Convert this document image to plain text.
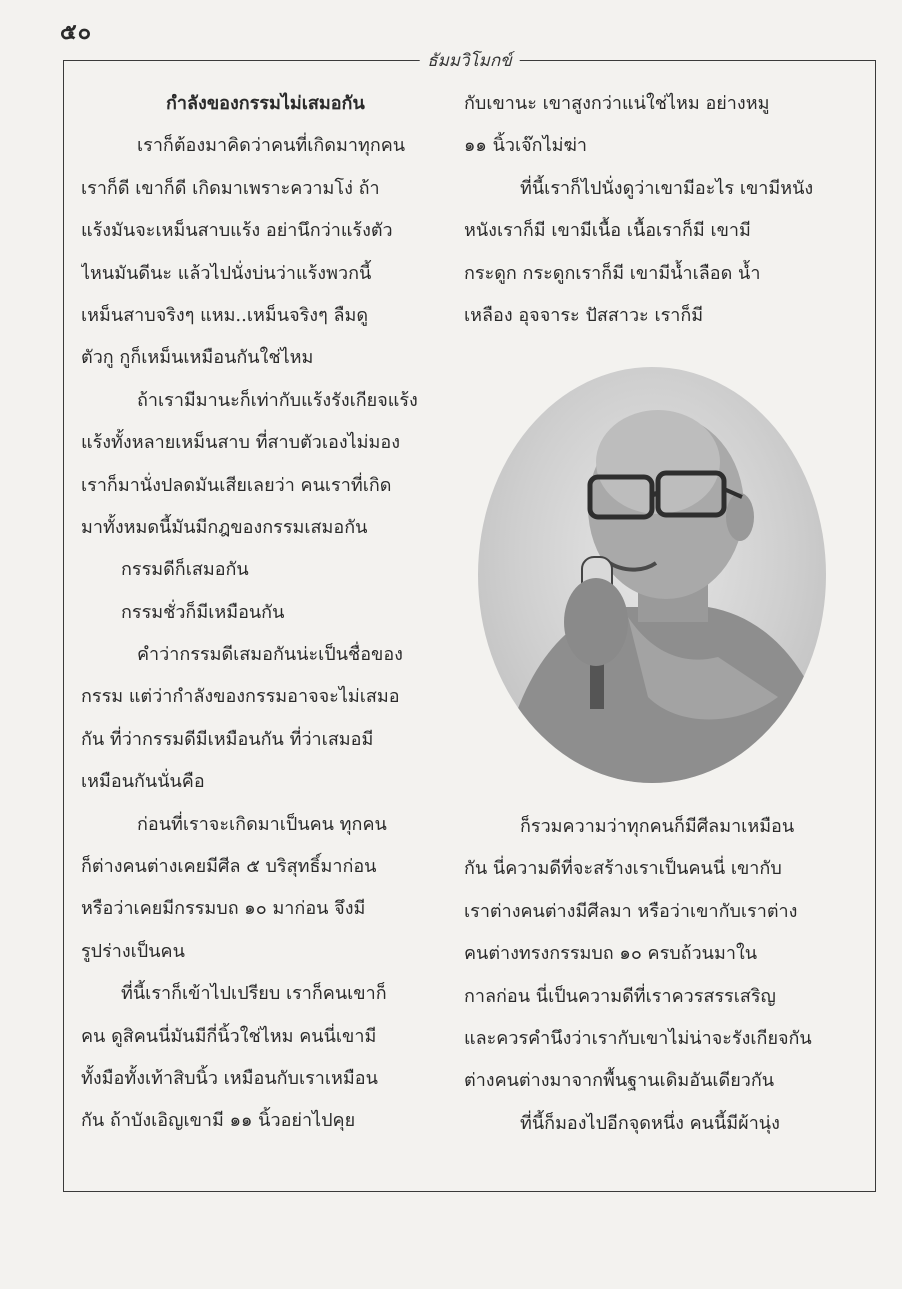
๕๐
ธัมมวิโมกข์
กำลังของกรรมไม่เสมอกัน
เราก็ต้องมาคิดว่าคนที่เกิดมาทุกคน
เราก็ดี เขาก็ดี เกิดมาเพราะความโง่ ถ้า
แร้งมันจะเหม็นสาบแร้ง อย่านึกว่าแร้งตัว
ไหนมันดีนะ แล้วไปนั่งบ่นว่าแร้งพวกนี้
เหม็นสาบจริงๆ แหม..เหม็นจริงๆ ลืมดู
ตัวกู กูก็เหม็นเหมือนกันใช่ไหม
ถ้าเรามีมานะก็เท่ากับแร้งรังเกียจแร้ง
แร้งทั้งหลายเหม็นสาบ ที่สาบตัวเองไม่มอง
เราก็มานั่งปลดมันเสียเลยว่า คนเราที่เกิด
มาทั้งหมดนี้มันมีกฎของกรรมเสมอกัน
กรรมดีก็เสมอกัน
กรรมชั่วก็มีเหมือนกัน
คำว่ากรรมดีเสมอกันน่ะเป็นชื่อของ
กรรม แต่ว่ากำลังของกรรมอาจจะไม่เสมอ
กัน ที่ว่ากรรมดีมีเหมือนกัน ที่ว่าเสมอมี
เหมือนกันนั่นคือ
ก่อนที่เราจะเกิดมาเป็นคน ทุกคน
ก็ต่างคนต่างเคยมีศีล ๕ บริสุทธิ์มาก่อน
หรือว่าเคยมีกรรมบถ ๑๐ มาก่อน จึงมี
รูปร่างเป็นคน
ที่นี้เราก็เข้าไปเปรียบ เราก็คนเขาก็
คน ดูสิคนนี่มันมีกี่นิ้วใช่ไหม คนนี่เขามี
ทั้งมือทั้งเท้าสิบนิ้ว เหมือนกับเราเหมือน
กัน ถ้าบังเอิญเขามี ๑๑ นิ้วอย่าไปคุย
กับเขานะ เขาสูงกว่าแน่ใช่ไหม อย่างหมู
๑๑ นิ้วเจ๊กไม่ฆ่า
ที่นี้เราก็ไปนั่งดูว่าเขามีอะไร เขามีหนัง
หนังเราก็มี เขามีเนื้อ เนื้อเราก็มี เขามี
กระดูก กระดูกเราก็มี เขามีน้ำเลือด น้ำ
เหลือง อุจจาระ ปัสสาวะ เราก็มี
ก็รวมความว่าทุกคนก็มีศีลมาเหมือน
กัน นี่ความดีที่จะสร้างเราเป็นคนนี่ เขากับ
เราต่างคนต่างมีศีลมา หรือว่าเขากับเราต่าง
คนต่างทรงกรรมบถ ๑๐ ครบถ้วนมาใน
กาลก่อน นี่เป็นความดีที่เราควรสรรเสริญ
และควรคำนึงว่าเรากับเขาไม่น่าจะรังเกียจกัน
ต่างคนต่างมาจากพื้นฐานเดิมอันเดียวกัน
ที่นี้ก็มองไปอีกจุดหนึ่ง คนนี้มีผ้านุ่ง
